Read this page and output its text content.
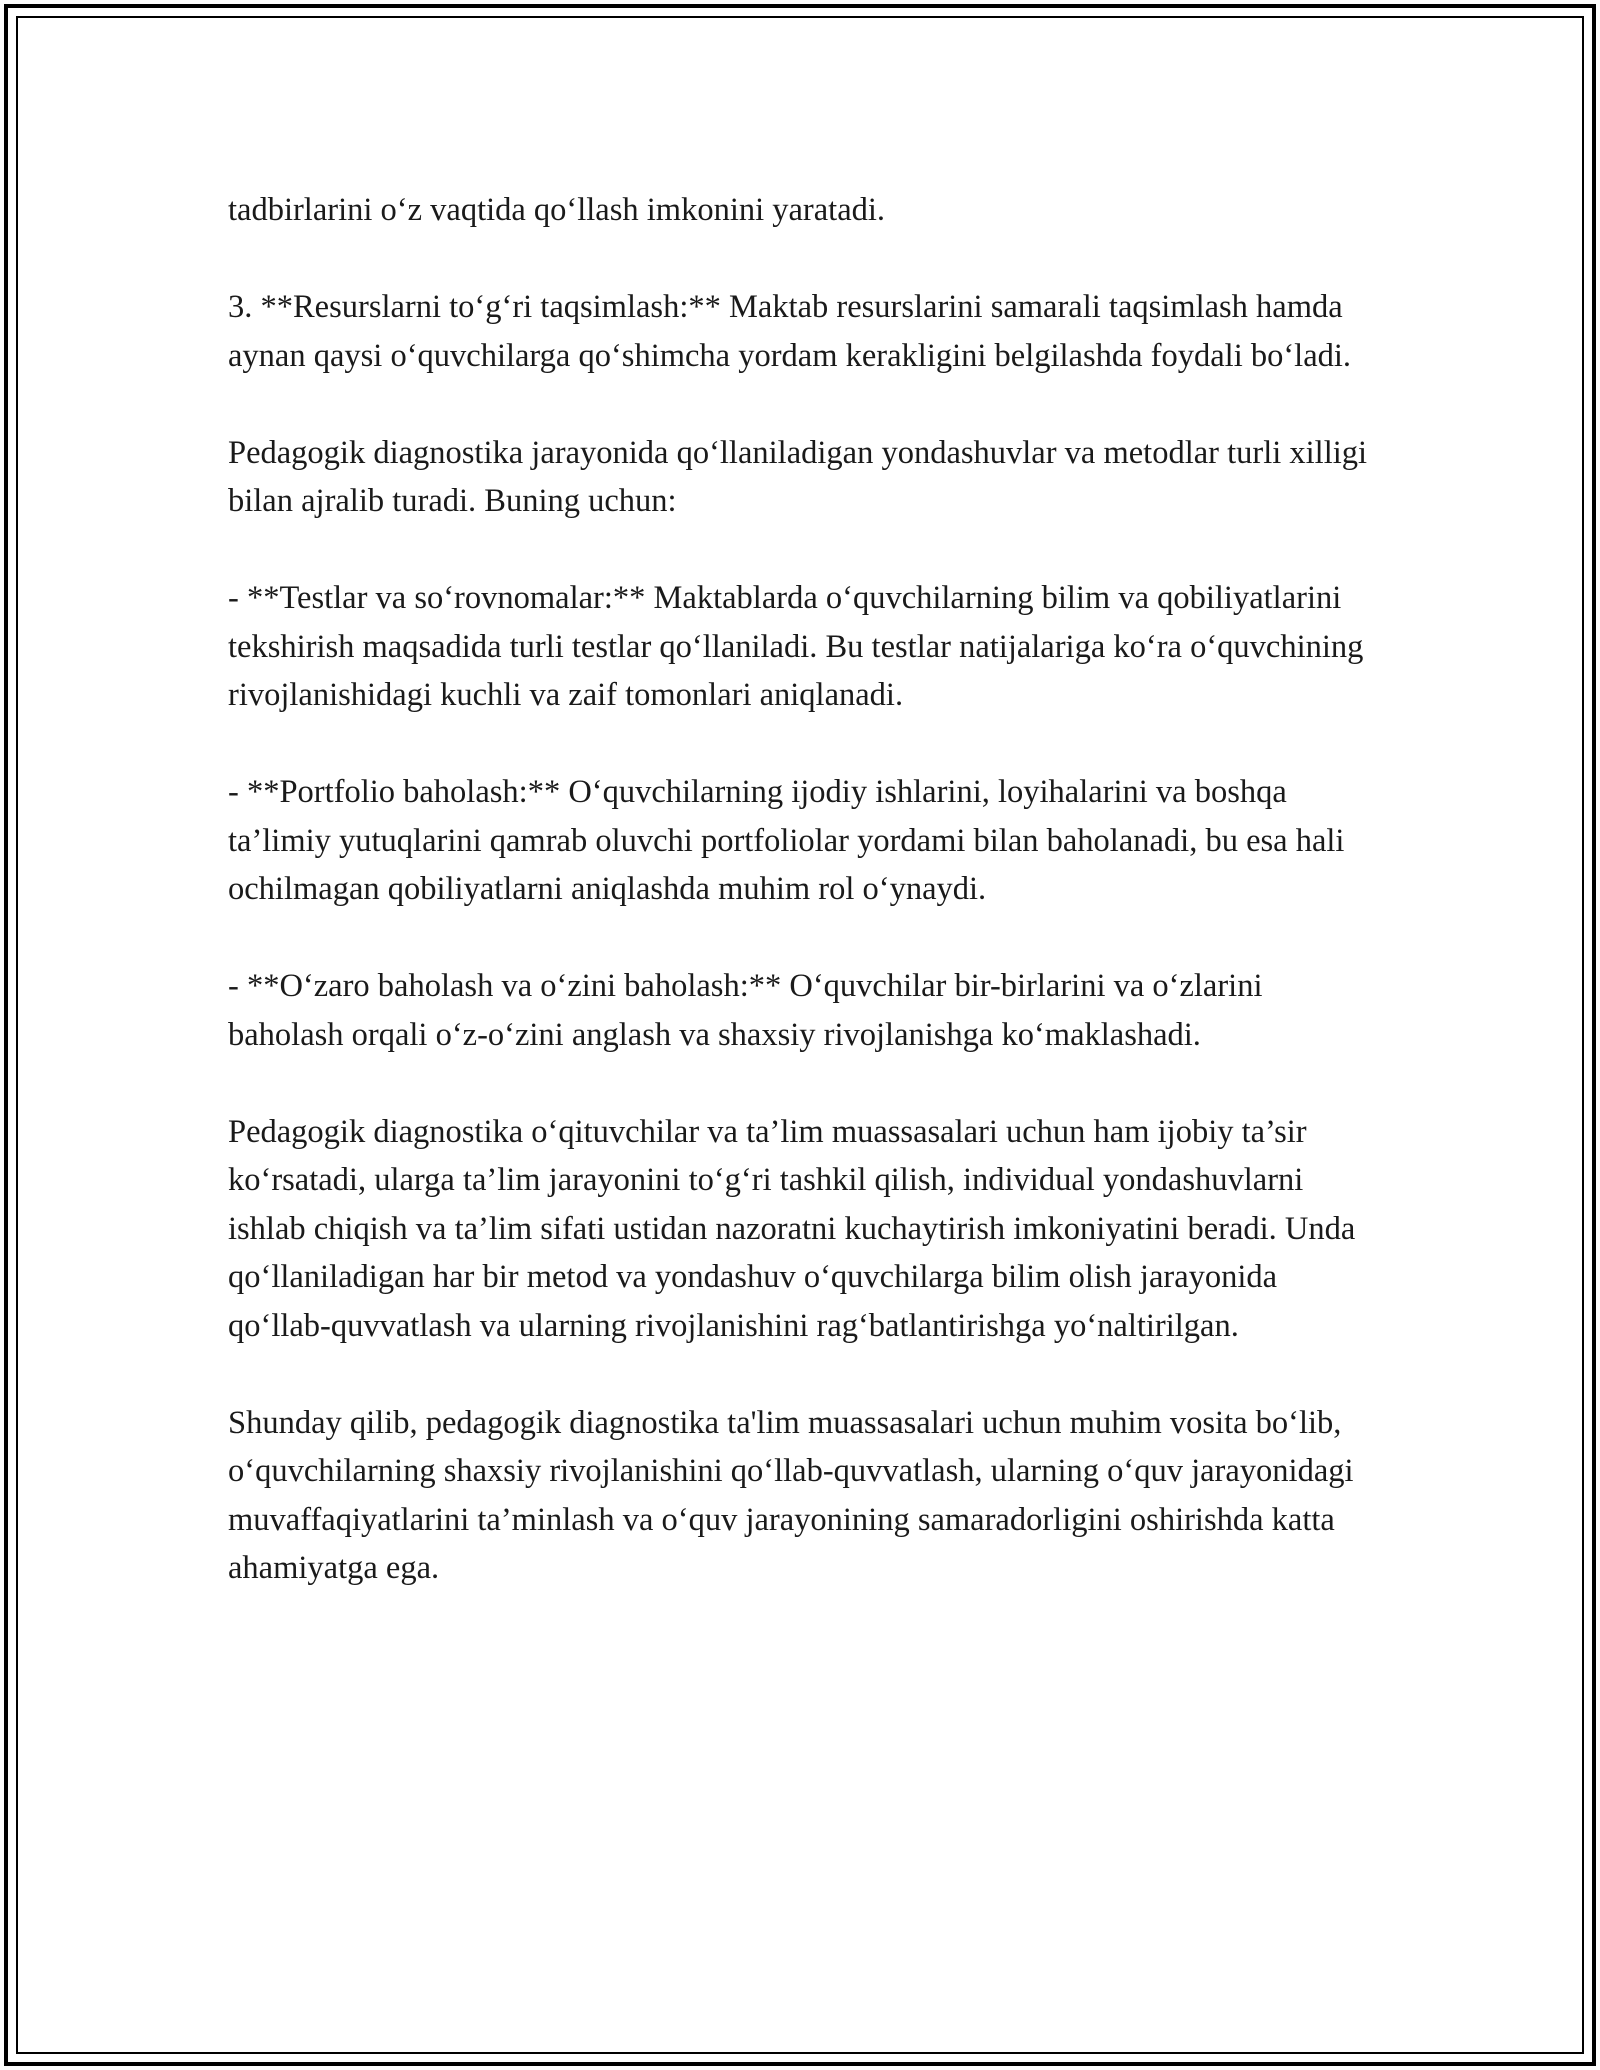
tadbirlarini o‘z vaqtida qo‘llash imkonini yaratadi.

3. **Resurslarni to‘g‘ri taqsimlash:** Maktab resurslarini samarali taqsimlash hamda aynan qaysi o‘quvchilarga qo‘shimcha yordam kerakligini belgilashda foydali bo‘ladi.

Pedagogik diagnostika jarayonida qo‘llaniladigan yondashuvlar va metodlar turli xilligi bilan ajralib turadi. Buning uchun:

- **Testlar va so‘rovnomalar:** Maktablarda o‘quvchilarning bilim va qobiliyatlarini tekshirish maqsadida turli testlar qo‘llaniladi. Bu testlar natijalariga ko‘ra o‘quvchining rivojlanishidagi kuchli va zaif tomonlari aniqlanadi.

- **Portfolio baholash:** O‘quvchilarning ijodiy ishlarini, loyihalarini va boshqa ta’limiy yutuqlarini qamrab oluvchi portfoliolar yordami bilan baholanadi, bu esa hali ochilmagan qobiliyatlarni aniqlashda muhim rol o‘ynaydi.

- **O‘zaro baholash va o‘zini baholash:** O‘quvchilar bir-birlarini va o‘zlarini baholash orqali o‘z-o‘zini anglash va shaxsiy rivojlanishga ko‘maklashadi.

Pedagogik diagnostika o‘qituvchilar va ta’lim muassasalari uchun ham ijobiy ta’sir ko‘rsatadi, ularga ta’lim jarayonini to‘g‘ri tashkil qilish, individual yondashuvlarni ishlab chiqish va ta’lim sifati ustidan nazoratni kuchaytirish imkoniyatini beradi. Unda qo‘llaniladigan har bir metod va yondashuv o‘quvchilarga bilim olish jarayonida qo‘llab-quvvatlash va ularning rivojlanishini rag‘batlantirishga yo‘naltirilgan.

Shunday qilib, pedagogik diagnostika ta'lim muassasalari uchun muhim vosita bo‘lib, o‘quvchilarning shaxsiy rivojlanishini qo‘llab-quvvatlash, ularning o‘quv jarayonidagi muvaffaqiyatlarini ta’minlash va o‘quv jarayonining samaradorligini oshirishda katta ahamiyatga ega.
